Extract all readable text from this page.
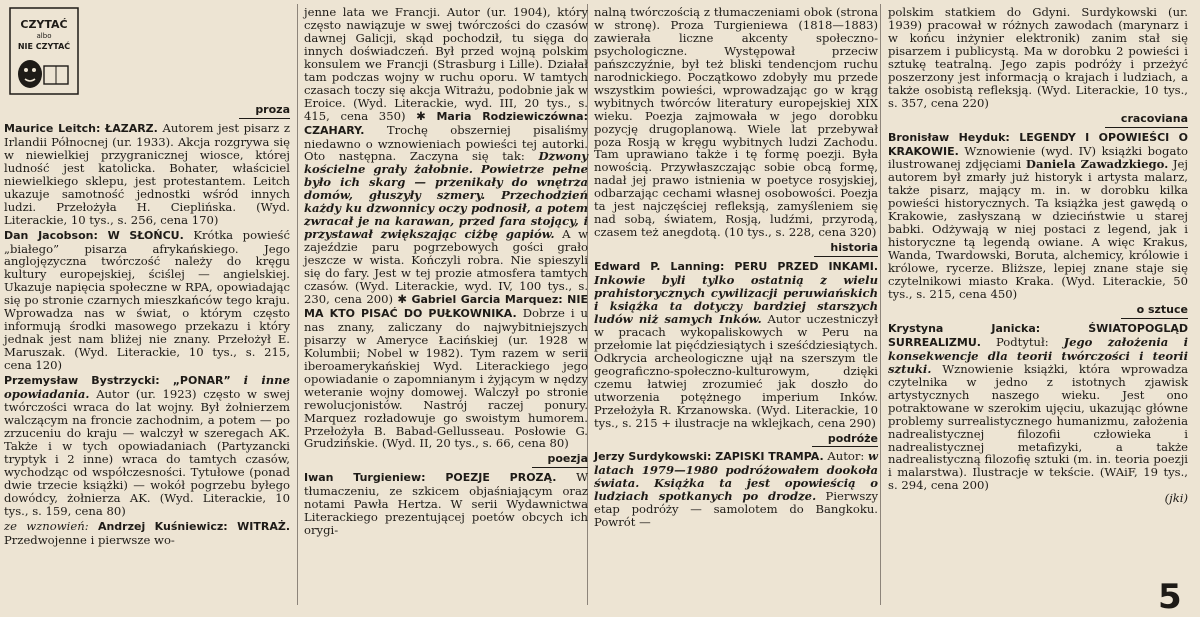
CZYTAĆ
albo
NIE CZYTAĆ
proza

Maurice Leitch: ŁAZARZ. Autorem jest pisarz z Irlandii Północnej (ur. 1933). Akcja rozgrywa się w niewielkiej przygranicznej wiosce, której ludność jest katolicka. Bohater, właściciel niewielkiego sklepu, jest protestantem. Leitch ukazuje samotność jednostki wśród innych ludzi. Przełożyła H. Cieplińska. (Wyd. Literackie, 10 tys., s. 256, cena 170)

Dan Jacobson: W SŁOŃCU. Krótka powieść „białego” pisarza afrykańskiego. Jego anglojęzyczna twórczość należy do kręgu kultury europejskiej, ściślej — angielskiej. Ukazuje napięcia społeczne w RPA, opowiadając się po stronie czarnych mieszkańców tego kraju. Wprowadza nas w świat, o którym często informują środki masowego przekazu i który jednak jest nam bliżej nie znany. Przełożył E. Maruszak. (Wyd. Literackie, 10 tys., s. 215, cena 120)

Przemysław Bystrzycki: „PONAR” i inne opowiadania. Autor (ur. 1923) często w swej twórczości wraca do lat wojny. Był żołnierzem walczącym na froncie zachodnim, a potem — po zrzuceniu do kraju — walczył w szeregach AK. Także i w tych opowiadaniach (Partyzancki tryptyk i 2 inne) wraca do tamtych czasów, wychodząc od współczesności. Tytułowe (ponad dwie trzecie książki) — wokół pogrzebu byłego dowódcy, żołnierza AK. (Wyd. Literackie, 10 tys., s. 159, cena 80)

ze wznowień: Andrzej Kuśniewicz: WITRAŻ. Przedwojenne i pierwsze wo-

jenne lata we Francji. Autor (ur. 1904), który często nawiązuje w swej twórczości do czasów dawnej Galicji, skąd pochodził, tu sięga do innych doświadczeń. Był przed wojną polskim konsulem we Francji (Strasburg i Lille). Działał tam podczas wojny w ruchu oporu. W tamtych czasach toczy się akcja Witrażu, podobnie jak w Eroice. (Wyd. Literackie, wyd. III, 20 tys., s. 415, cena 350) ✱ Maria Rodziewiczówna: CZAHARY. Trochę obszerniej pisaliśmy niedawno o wznowieniach powieści tej autorki. Oto następna. Zaczyna się tak: Dzwony kościelne grały żałobnie. Powietrze pełne było ich skarg — przenikały do wnętrza domów, głuszyły szmery. Przechodzień każdy ku dzwonnicy oczy podnosił, a potem zwracał je na karawan, przed fara stojący, i przystawał zwiększając ciżbę gapiów. A w zajeździe paru pogrzebowych gości grało jeszcze w wista. Kończyli robra. Nie spieszyli się do fary. Jest w tej prozie atmosfera tamtych czasów. (Wyd. Literackie, wyd. IV, 100 tys., s. 230, cena 200) ✱ Gabriel Garcia Marquez: NIE MA KTO PISAĆ DO PUŁKOWNIKA. Dobrze i u nas znany, zaliczany do najwybitniejszych pisarzy w Ameryce Łacińskiej (ur. 1928 w Kolumbii; Nobel w 1982). Tym razem w serii iberoamerykańskiej Wyd. Literackiego jego opowiadanie o zapomnianym i żyjącym w nędzy weteranie wojny domowej. Walczył po stronie rewolucjonistów. Nastrój raczej ponury. Marquez rozładowuje go swoistym humorem. Przełożyła B. Babad-Gellusseau. Posłowie G. Grudzińskie. (Wyd. II, 20 tys., s. 66, cena 80)

poezja

Iwan Turgieniew: POEZJE PROZĄ. W tłumaczeniu, ze szkicem objaśniającym oraz notami Pawła Hertza. W serii Wydawnictwa Literackiego prezentującej poetów obcych ich orygi-

nalną twórczością z tłumaczeniami obok (strona w stronę). Proza Turgieniewa (1818—1883) zawierała liczne akcenty społeczno-psychologiczne. Występował przeciw pańszczyźnie, był też bliski tendencjom ruchu narodnickiego. Początkowo zdobyły mu przede wszystkim powieści, wprowadzając go w krąg wybitnych twórców literatury europejskiej XIX wieku. Poezja zajmowała w jego dorobku pozycję drugoplanową. Wiele lat przebywał poza Rosją w kręgu wybitnych ludzi Zachodu. Tam uprawiano także i tę formę poezji. Była nowością. Przywłaszczając sobie obcą formę, nadał jej prawo istnienia w poetyce rosyjskiej, odbarzając cechami własnej osobowości. Poezja ta jest najczęściej refleksją, zamyśleniem się nad sobą, światem, Rosją, ludźmi, przyrodą, czasem też anegdotą. (10 tys., s. 228, cena 320)

historia

Edward P. Lanning: PERU PRZED INKAMI. Inkowie byli tylko ostatnią z wielu prahistorycznych cywilizacji peruwiańskich i książka ta dotyczy bardziej starszych ludów niż samych Inków. Autor uczestniczył w pracach wykopaliskowych w Peru na przełomie lat pięćdziesiątych i sześćdziesiątych. Odkrycia archeologiczne ujął na szerszym tle geograficzno-społeczno-kulturowym, dzięki czemu łatwiej zrozumieć jak doszło do utworzenia potężnego imperium Inków. Przełożyła R. Krzanowska. (Wyd. Literackie, 10 tys., s. 215 + ilustracje na wklejkach, cena 290)

podróże

Jerzy Surdykowski: ZAPISKI TRAMPA. Autor: w latach 1979—1980 podróżowałem dookoła świata. Książka ta jest opowieścią o ludziach spotkanych po drodze. Pierwszy etap podróży — samolotem do Bangkoku. Powrót —

polskim statkiem do Gdyni. Surdykowski (ur. 1939) pracował w różnych zawodach (marynarz i w końcu inżynier elektronik) zanim stał się pisarzem i publicystą. Ma w dorobku 2 powieści i sztukę teatralną. Jego zapis podróży i przeżyć poszerzony jest informacją o krajach i ludziach, a także osobistą refleksją. (Wyd. Literackie, 10 tys., s. 357, cena 220)

cracoviana

Bronisław Heyduk: LEGENDY I OPOWIEŚCI O KRAKOWIE. Wznowienie (wyd. IV) książki bogato ilustrowanej zdjęciami Daniela Zawadzkiego. Jej autorem był zmarły już historyk i artysta malarz, także pisarz, mający m. in. w dorobku kilka powieści historycznych. Ta książka jest gawędą o Krakowie, zasłyszaną w dzieciństwie u starej babki. Odżywają w niej postaci z legend, jak i historyczne tą legendą owiane. A więc Krakus, Wanda, Twardowski, Boruta, alchemicy, królowie i królowe, rycerze. Bliższe, lepiej znane staje się czytelnikowi miasto Kraka. (Wyd. Literackie, 50 tys., s. 215, cena 450)

o sztuce

Krystyna Janicka: ŚWIATOPOGLĄD SURREALIZMU. Podtytuł: Jego założenia i konsekwencje dla teorii twórczości i teorii sztuki. Wznowienie książki, która wprowadza czytelnika w jedno z istotnych zjawisk artystycznych naszego wieku. Jest ono potraktowane w szerokim ujęciu, ukazując główne problemy surrealistycznego humanizmu, założenia nadrealistycznej filozofii człowieka i nadrealistycznej metafizyki, a także nadrealistyczną filozofię sztuki (m. in. teoria poezji i malarstwa). Ilustracje w tekście. (WAiF, 19 tys., s. 294, cena 200)

(jki)
5
